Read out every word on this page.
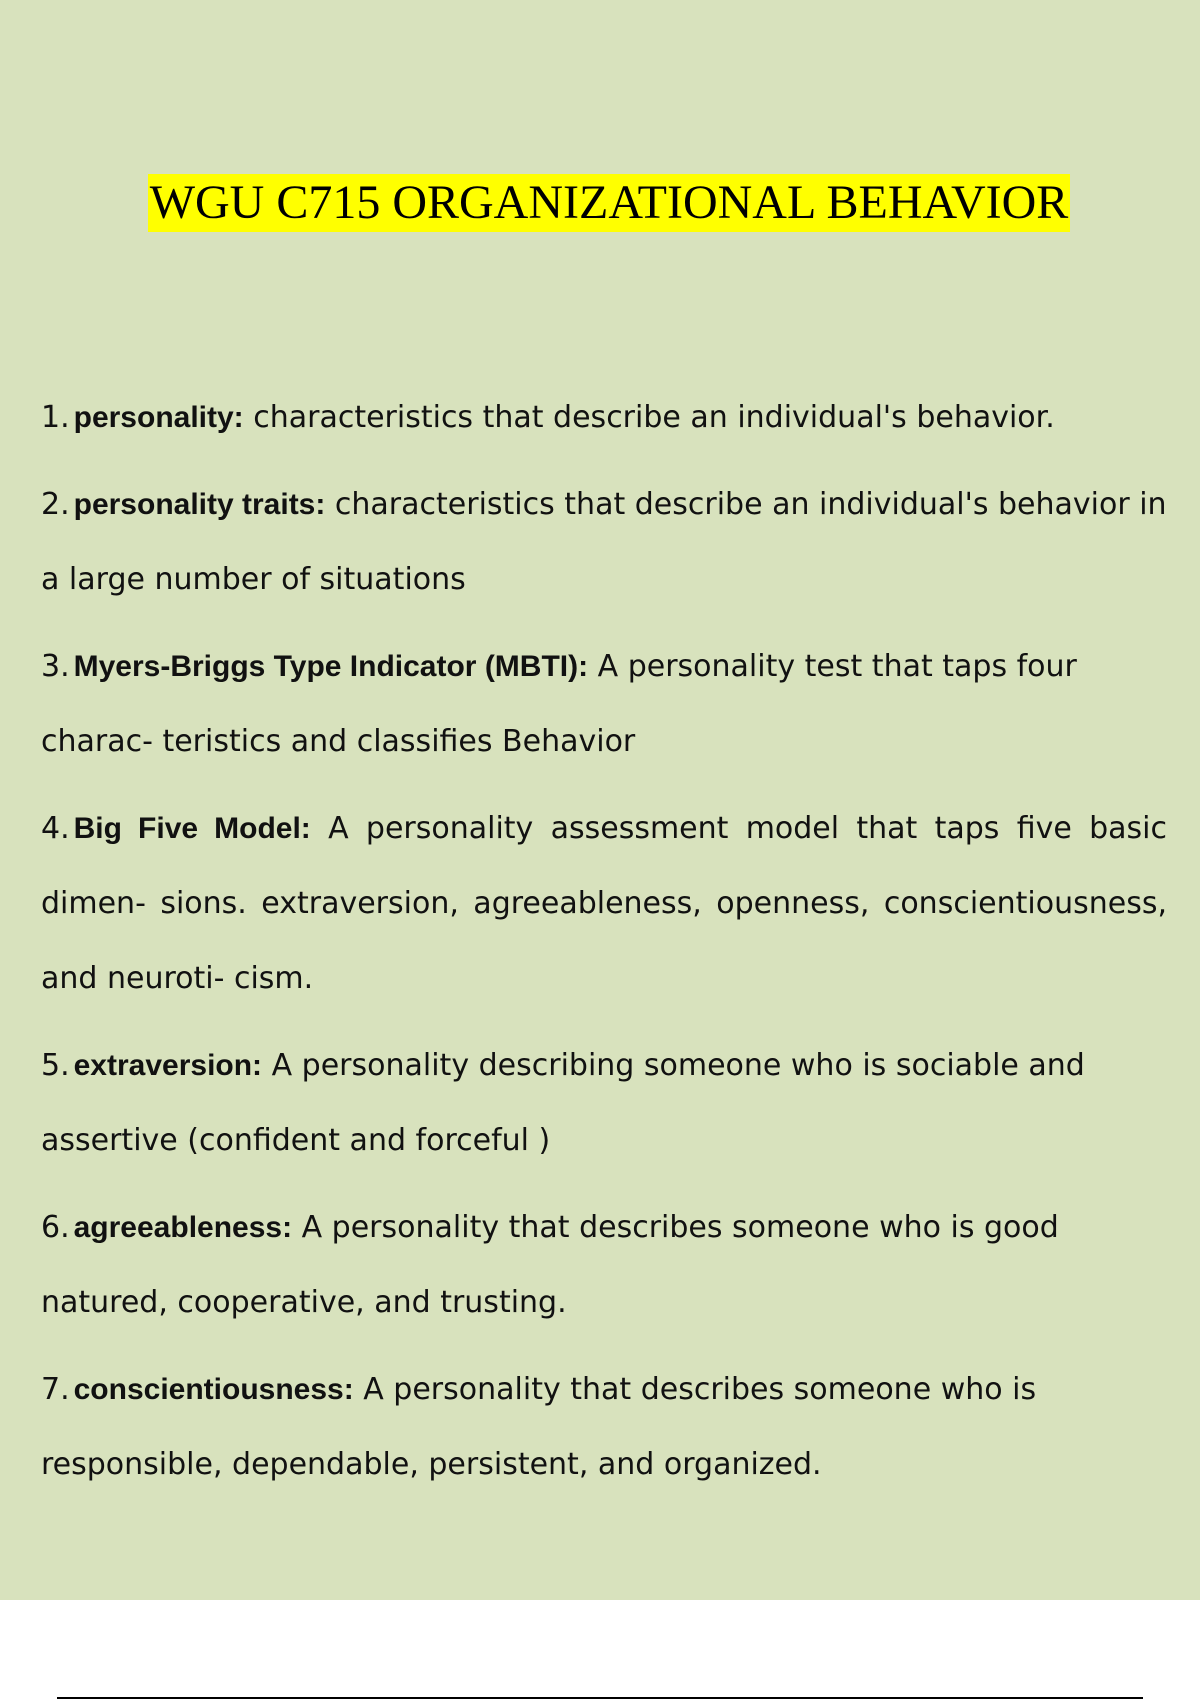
WGU C715 ORGANIZATIONAL BEHAVIOR
1. personality: characteristics that describe an individual's behavior.
2. personality traits: characteristics that describe an individual's behavior in a large number of situations
3. Myers-Briggs Type Indicator (MBTI): A personality test that taps four charac- teristics and classifies Behavior
4. Big Five Model: A personality assessment model that taps five basic dimen- sions. extraversion, agreeableness, openness, conscientiousness, and neuroti- cism.
5. extraversion: A personality describing someone who is sociable and assertive (confident and forceful )
6. agreeableness: A personality that describes someone who is good natured, cooperative, and trusting.
7. conscientiousness: A personality that describes someone who is responsible, dependable, persistent, and organized.
